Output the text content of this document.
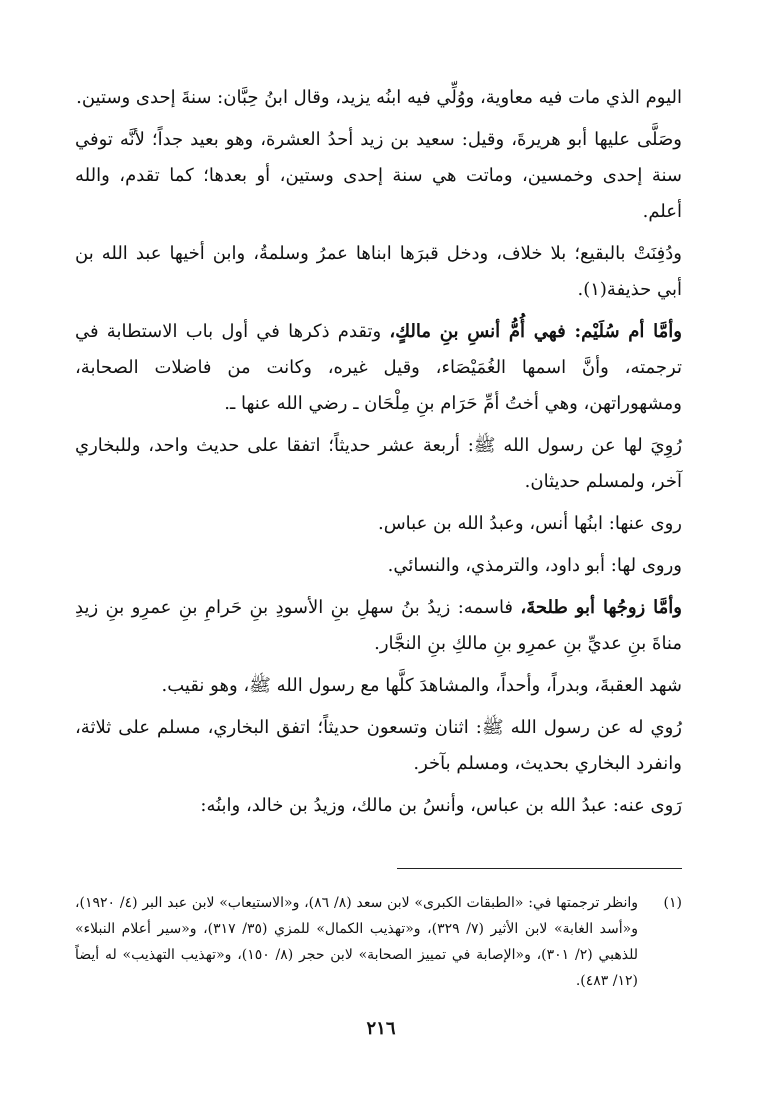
اليوم الذي مات فيه معاوية، ووُلِّي فيه ابنُه يزيد، وقال ابنُ حِبَّان: سنةَ إحدى وستين.

وصَلَّى عليها أبو هريرةَ، وقيل: سعيد بن زيد أحدُ العشرة، وهو بعيد جداً؛ لأنَّه توفي سنة إحدى وخمسين، وماتت هي سنة إحدى وستين، أو بعدها؛ كما تقدم، والله أعلم.

ودُفِنَتْ بالبقيع؛ بلا خلاف، ودخل قبرَها ابناها عمرُ وسلمةُ، وابن أخيها عبد الله بن أبي حذيفة(١).

وأمَّا أم سُلَيْم: فهي أُمُّ أنسِ بنِ مالكٍ، وتقدم ذكرها في أول باب الاستطابة في ترجمته، وأنَّ اسمها الغُمَيْصَاء، وقيل غيره، وكانت من فاضلات الصحابة، ومشهوراتهن، وهي أختُ أمِّ حَرَام بنِ مِلْحَان ـ رضي الله عنها ـ.

رُوِيَ لها عن رسول الله ﷺ: أربعة عشر حديثاً؛ اتفقا على حديث واحد، وللبخاري آخر، ولمسلم حديثان.

روى عنها: ابنُها أنس، وعبدُ الله بن عباس.

وروى لها: أبو داود، والترمذي، والنسائي.

وأمَّا زوجُها أبو طلحةَ، فاسمه: زيدُ بنُ سهلِ بنِ الأسودِ بنِ حَرامِ بنِ عمرِو بنِ زيدِ مناةَ بنِ عديِّ بنِ عمرِو بنِ مالكِ بنِ النجَّار.

شهد العقبةَ، وبدراً، وأحداً، والمشاهدَ كلَّها مع رسول الله ﷺ، وهو نقيب.

رُوي له عن رسول الله ﷺ: اثنان وتسعون حديثاً؛ اتفق البخاري، مسلم على ثلاثة، وانفرد البخاري بحديث، ومسلم بآخر.

رَوى عنه: عبدُ الله بن عباس، وأنسُ بن مالك، وزيدُ بن خالد، وابنُه:

(١)
وانظر ترجمتها في: «الطبقات الكبرى» لابن سعد (٨/ ٨٦)، و«الاستيعاب» لابن عبد البر (٤/ ١٩٢٠)، و«أسد الغابة» لابن الأثير (٧/ ٣٢٩)، و«تهذيب الكمال» للمزي (٣٥/ ٣١٧)، و«سير أعلام النبلاء» للذهبي (٢/ ٣٠١)، و«الإصابة في تمييز الصحابة» لابن حجر (٨/ ١٥٠)، و«تهذيب التهذيب» له أيضاً (١٢/ ٤٨٣).
٢١٦
